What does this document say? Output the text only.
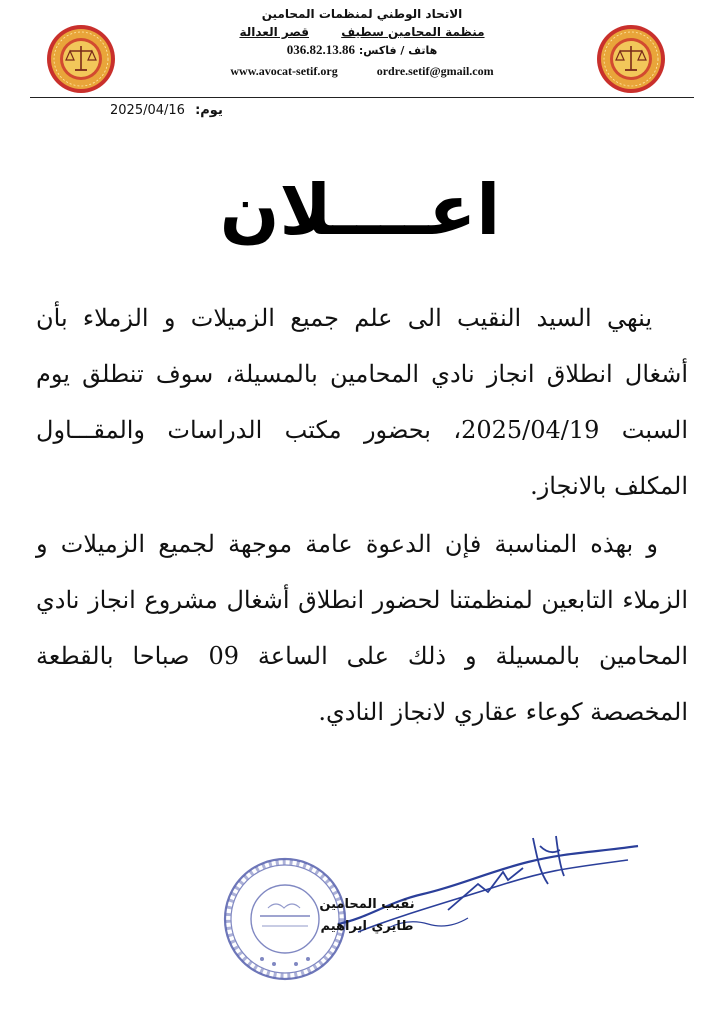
الاتحاد الوطني لمنظمات المحامين
منظمة المحامين سطيف قصر العدالة
هاتف / فاكس: 036.82.13.86
www.avocat-setif.org	ordre.setif@gmail.com
يوم: 2025/04/16
اعــــلان

ينهي السيد النقيب الى علم جميع الزميلات و الزملاء بأن أشغال انطلاق انجاز نادي المحامين بالمسيلة، سوف تنطلق يوم السبت 2025/04/19، بحضور مكتب الدراسات والمقـــاول المكلف بالانجاز.

و بهذه المناسبة فإن الدعوة عامة موجهة لجميع الزميلات و الزملاء التابعين لمنظمتنا لحضور انطلاق أشغال مشروع انجاز نادي المحامين بالمسيلة و ذلك على الساعة 09 صباحا بالقطعة المخصصة كوعاء عقاري لانجاز النادي.

نقيب المحامين
طايري ابراهيم
